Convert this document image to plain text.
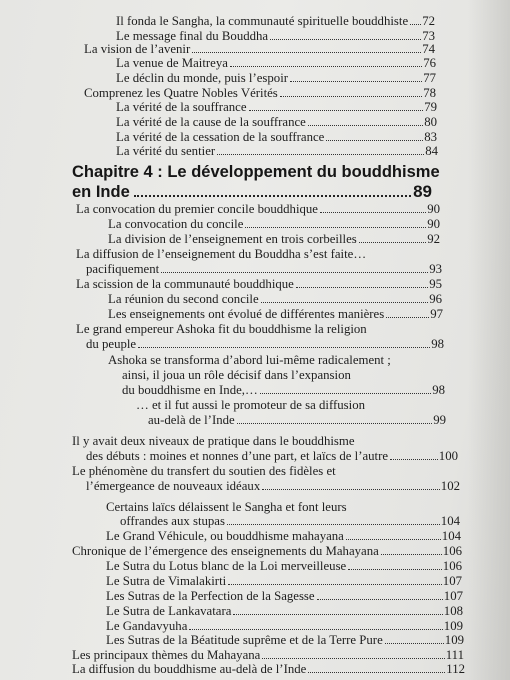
Il fonda le Sangha, la communauté spirituelle bouddhiste 72
Le message final du Bouddha	73
La vision de l’avenir	74
La venue de Maitreya	76
Le déclin du monde, puis l’espoir	77
Comprenez les Quatre Nobles Vérités	78
La vérité de la souffrance	79
La vérité de la cause de la souffrance	80
La vérité de la cessation de la souffrance	83
La vérité du sentier	84
Chapitre 4 : Le développement du bouddhisme
en Inde	89
La convocation du premier concile bouddhique	90
La convocation du concile	90
La division de l’enseignement en trois corbeilles	92
La diffusion de l’enseignement du Bouddha s’est faite…
pacifiquement	93
La scission de la communauté bouddhique	95
La réunion du second concile	96
Les enseignements ont évolué de différentes manières	97
Le grand empereur Ashoka fit du bouddhisme la religion
du peuple	98
Ashoka se transforma d’abord lui-même radicalement ;
ainsi, il joua un rôle décisif dans l’expansion
du bouddhisme en Inde,…	98
… et il fut aussi le promoteur de sa diffusion
au-delà de l’Inde	99
Il y avait deux niveaux de pratique dans le bouddhisme
des débuts : moines et nonnes d’une part, et laïcs de l’autre	100
Le phénomène du transfert du soutien des fidèles et
l’émergeance de nouveaux idéaux	102
Certains laïcs délaissent le Sangha et font leurs
offrandes aux stupas	104
Le Grand Véhicule, ou bouddhisme mahayana	104
Chronique de l’émergence des enseignements du Mahayana	106
Le Sutra du Lotus blanc de la Loi merveilleuse	106
Le Sutra de Vimalakirti	107
Les Sutras de la Perfection de la Sagesse	107
Le Sutra de Lankavatara	108
Le Gandavyuha	109
Les Sutras de la Béatitude suprême et de la Terre Pure	109
Les principaux thèmes du Mahayana	111
La diffusion du bouddhisme au-delà de l’Inde	112
